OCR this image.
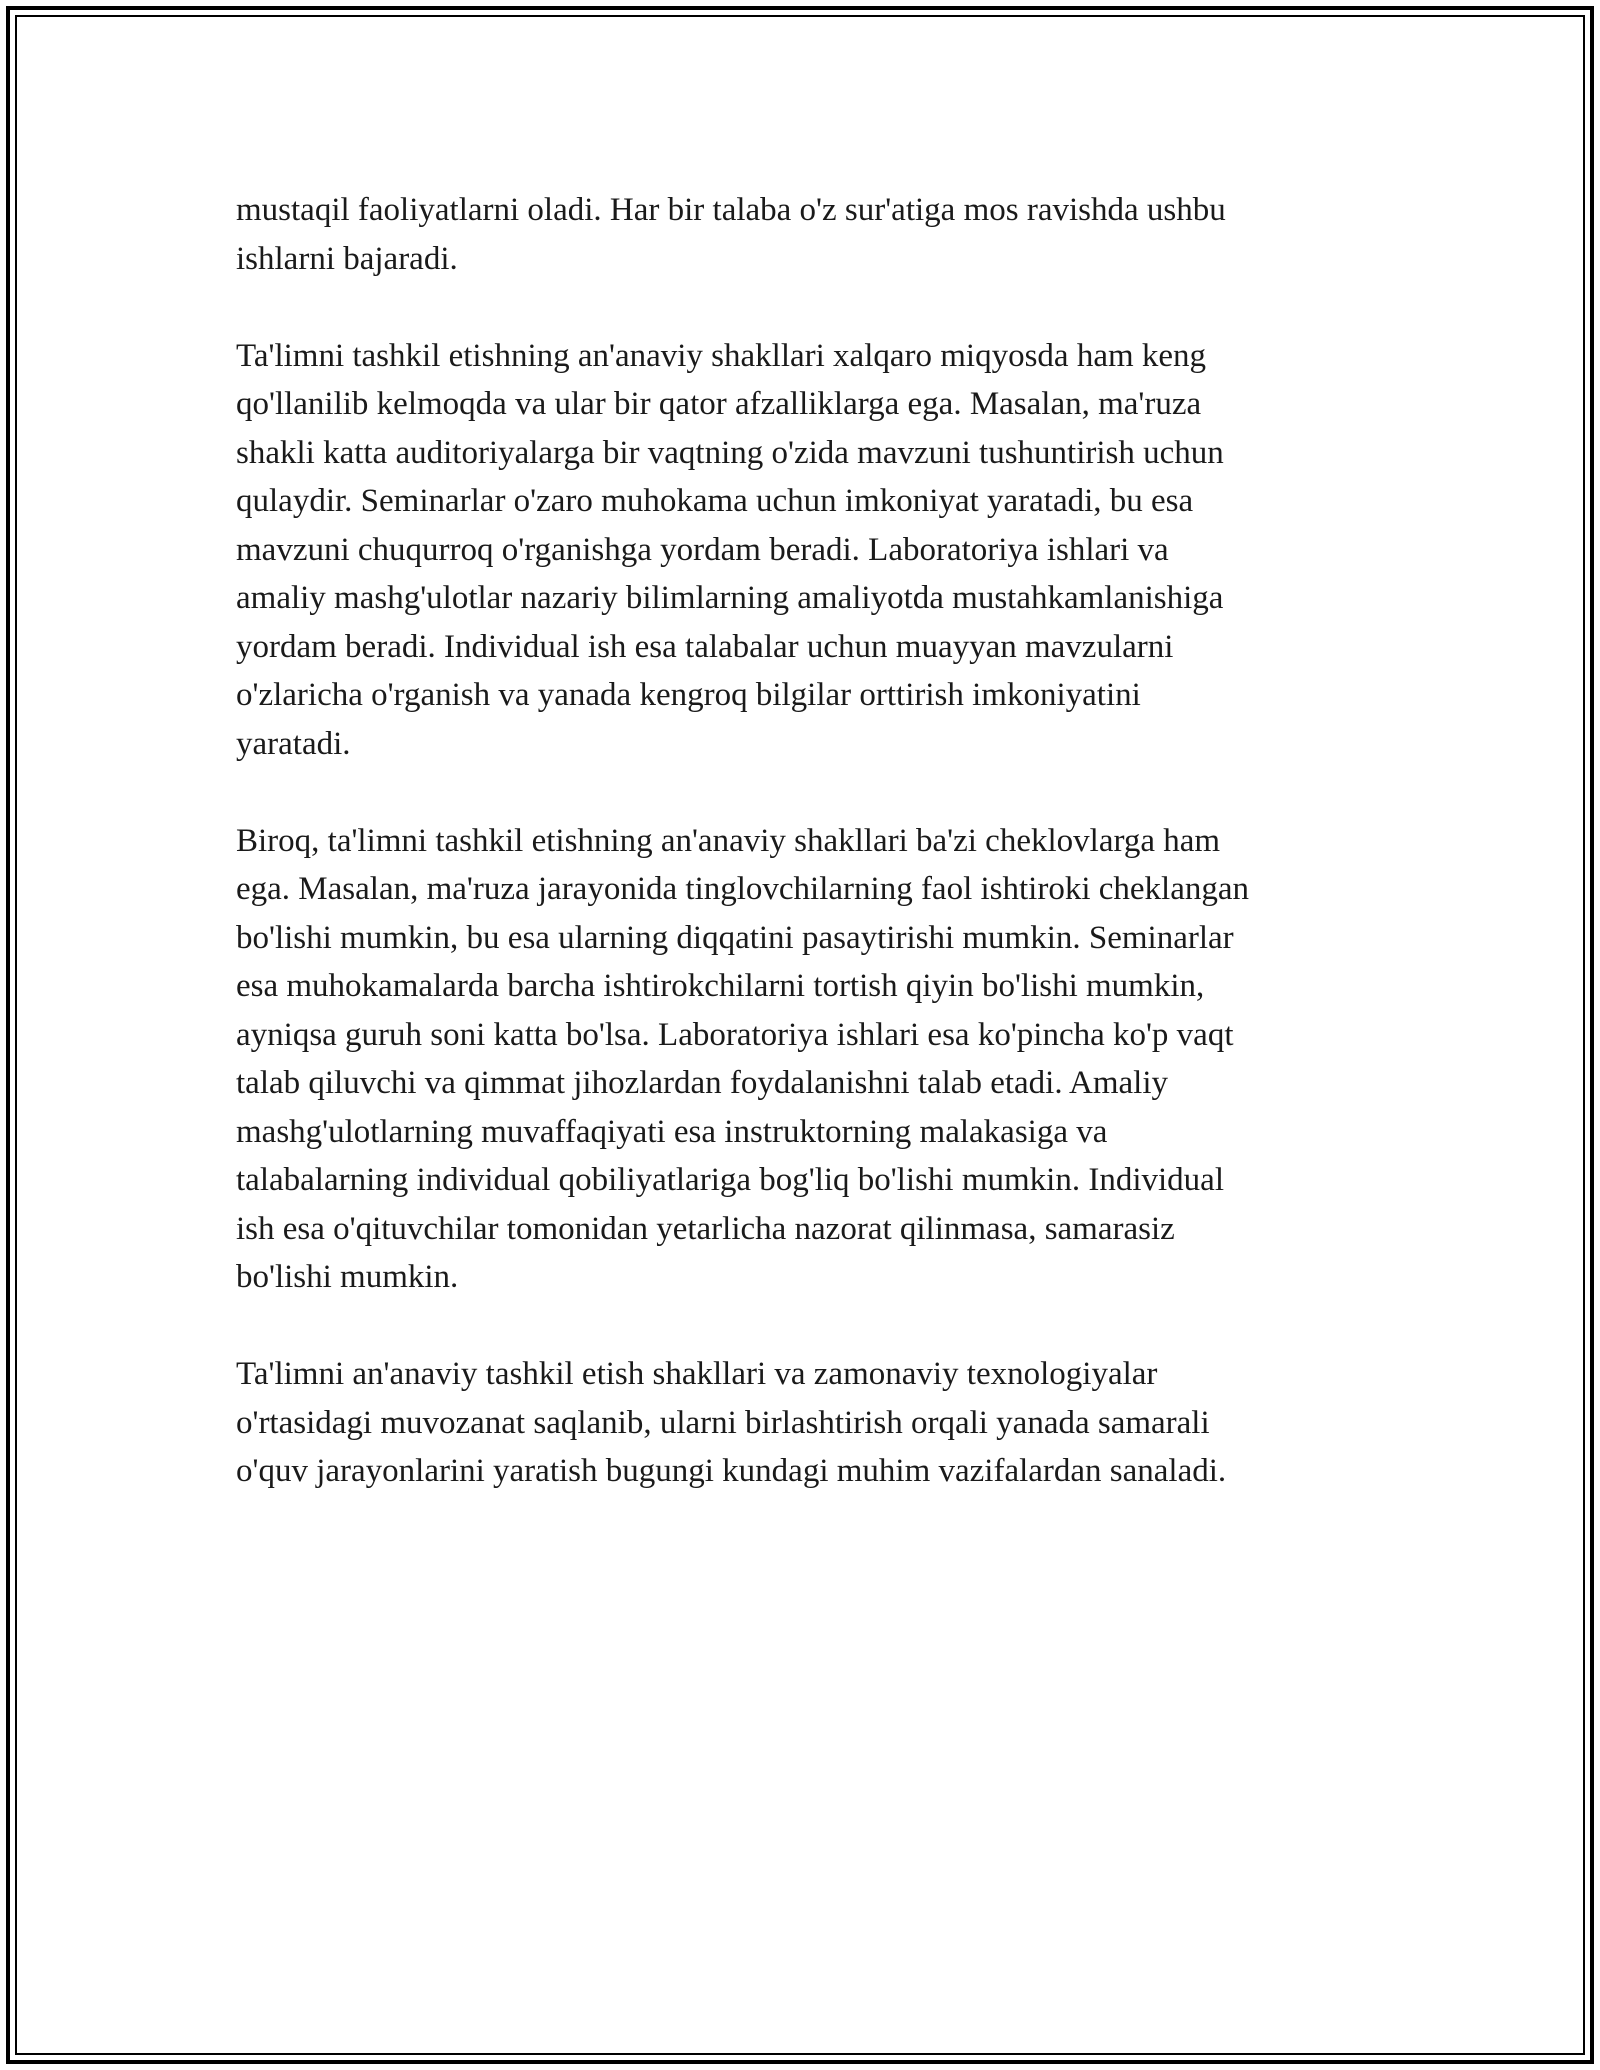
mustaqil faoliyatlarni oladi. Har bir talaba o'z sur'atiga mos ravishda ushbu
ishlarni bajaradi.

Ta'limni tashkil etishning an'anaviy shakllari xalqaro miqyosda ham keng
qo'llanilib kelmoqda va ular bir qator afzalliklarga ega. Masalan, ma'ruza
shakli katta auditoriyalarga bir vaqtning o'zida mavzuni tushuntirish uchun
qulaydir. Seminarlar o'zaro muhokama uchun imkoniyat yaratadi, bu esa
mavzuni chuqurroq o'rganishga yordam beradi. Laboratoriya ishlari va
amaliy mashg'ulotlar nazariy bilimlarning amaliyotda mustahkamlanishiga
yordam beradi. Individual ish esa talabalar uchun muayyan mavzularni
o'zlaricha o'rganish va yanada kengroq bilgilar orttirish imkoniyatini
yaratadi.

Biroq, ta'limni tashkil etishning an'anaviy shakllari ba'zi cheklovlarga ham
ega. Masalan, ma'ruza jarayonida tinglovchilarning faol ishtiroki cheklangan
bo'lishi mumkin, bu esa ularning diqqatini pasaytirishi mumkin. Seminarlar
esa muhokamalarda barcha ishtirokchilarni tortish qiyin bo'lishi mumkin,
ayniqsa guruh soni katta bo'lsa. Laboratoriya ishlari esa ko'pincha ko'p vaqt
talab qiluvchi va qimmat jihozlardan foydalanishni talab etadi. Amaliy
mashg'ulotlarning muvaffaqiyati esa instruktorning malakasiga va
talabalarning individual qobiliyatlariga bog'liq bo'lishi mumkin. Individual
ish esa o'qituvchilar tomonidan yetarlicha nazorat qilinmasa, samarasiz
bo'lishi mumkin.

Ta'limni an'anaviy tashkil etish shakllari va zamonaviy texnologiyalar
o'rtasidagi muvozanat saqlanib, ularni birlashtirish orqali yanada samarali
o'quv jarayonlarini yaratish bugungi kundagi muhim vazifalardan sanaladi.
